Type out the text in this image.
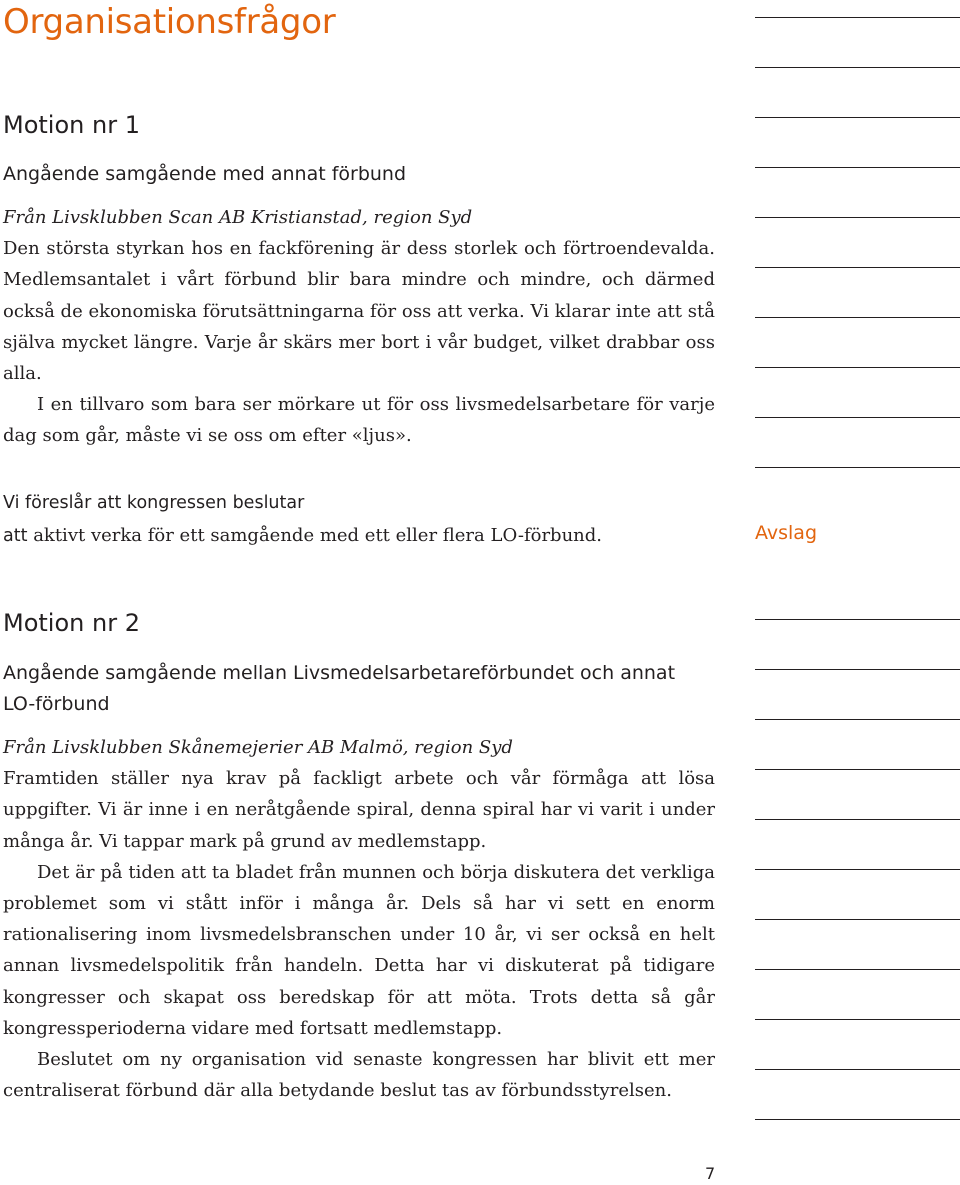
Organisationsfrågor
Motion nr 1
Angående samgående med annat förbund

Från Livsklubben Scan AB Kristianstad, region Syd

Den största styrkan hos en fackförening är dess storlek och förtroendevalda. Medlemsantalet i vårt förbund blir bara mindre och mindre, och därmed också de ekonomiska förutsättningarna för oss att verka. Vi klarar inte att stå själva mycket längre. Varje år skärs mer bort i vår budget, vilket drabbar oss alla.

I en tillvaro som bara ser mörkare ut för oss livsmedelsarbetare för varje dag som går, måste vi se oss om efter «ljus».

Vi föreslår att kongressen beslutar
att aktivt verka för ett samgående med ett eller flera LO-förbund.	Avslag
Motion nr 2
Angående samgående mellan Livsmedelsarbetareförbundet och annat LO-förbund

Från Livsklubben Skånemejerier AB Malmö, region Syd

Framtiden ställer nya krav på fackligt arbete och vår förmåga att lösa uppgifter. Vi är inne i en neråtgående spiral, denna spiral har vi varit i under många år. Vi tappar mark på grund av medlemstapp.

Det är på tiden att ta bladet från munnen och börja diskutera det verkliga problemet som vi stått inför i många år. Dels så har vi sett en enorm rationalisering inom livsmedelsbranschen under 10 år, vi ser också en helt annan livsmedelspolitik från handeln. Detta har vi diskuterat på tidigare kongresser och skapat oss beredskap för att möta. Trots detta så går kongressperioderna vidare med fortsatt medlemstapp.

Beslutet om ny organisation vid senaste kongressen har blivit ett mer centraliserat förbund där alla betydande beslut tas av förbundsstyrelsen.

7
